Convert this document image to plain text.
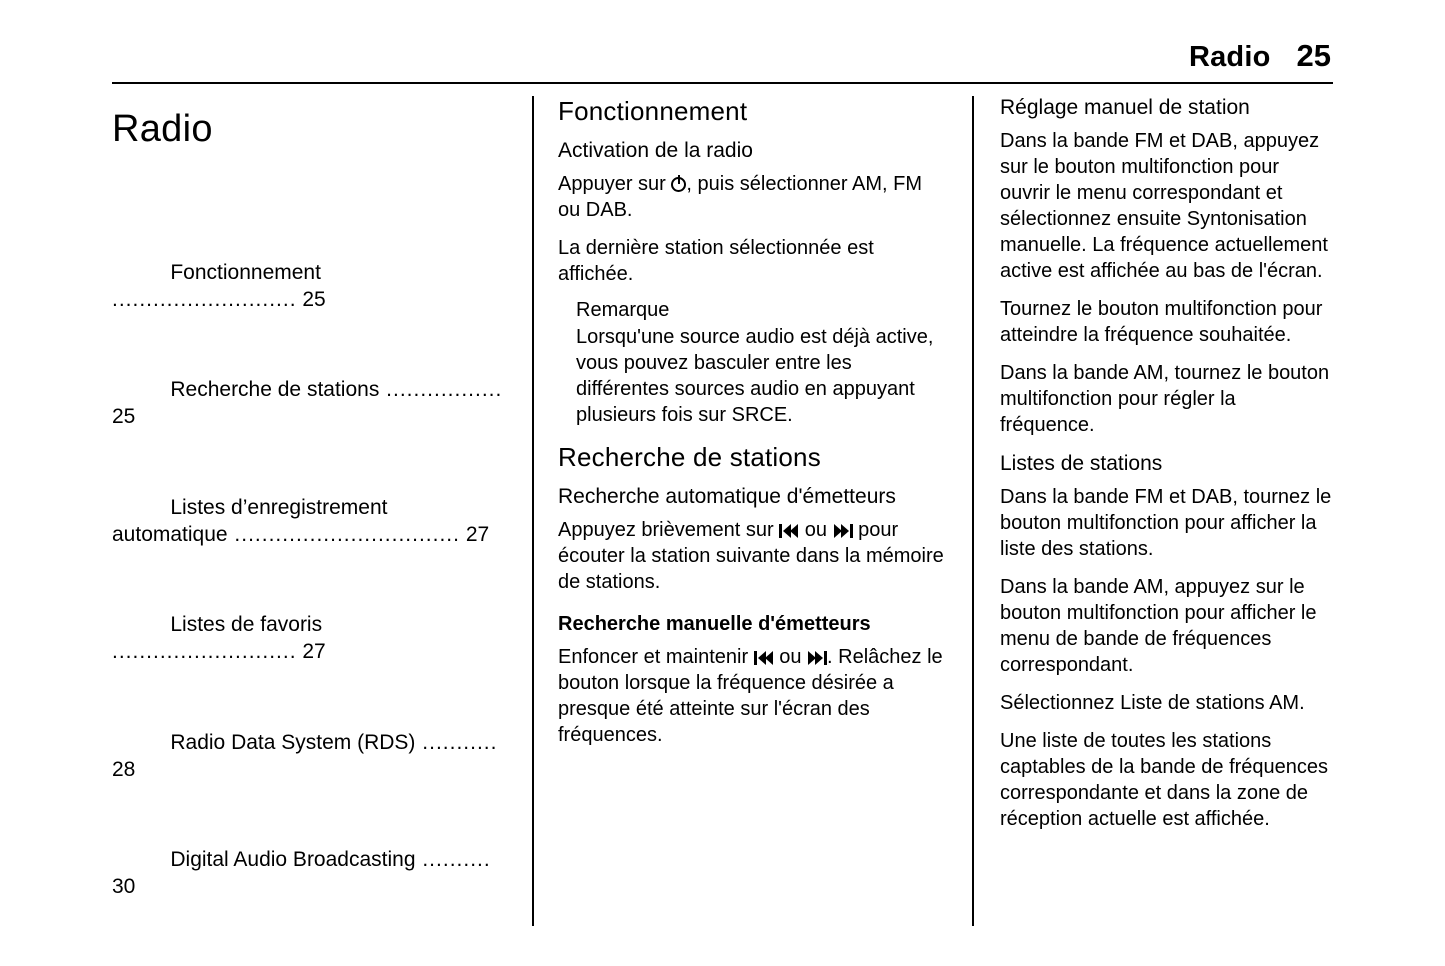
Radio 25
Radio

Fonctionnement ........................... 25

Recherche de stations ................. 25

Listes d’enregistrement automatique ................................. 27

Listes de favoris ........................... 27

Radio Data System (RDS) ........... 28

Digital Audio Broadcasting .......... 30

Fonctionnement
Activation de la radio

Appuyer sur , puis sélectionner AM, FM ou DAB.

La dernière station sélectionnée est affichée.

Remarque

Lorsqu'une source audio est déjà active, vous pouvez basculer entre les différentes sources audio en appuyant plusieurs fois sur SRCE.

Recherche de stations
Recherche automatique d'émetteurs

Appuyez brièvement sur
ou
pour écouter la station suivante dans la mémoire de stations.

Recherche manuelle d'émetteurs

Enfoncer et maintenir
ou
. Relâchez le bouton lorsque la fréquence désirée a presque été atteinte sur l'écran des fréquences.

Réglage manuel de station

Dans la bande FM et DAB, appuyez sur le bouton multifonction pour ouvrir le menu correspondant et sélectionnez ensuite Syntonisation manuelle. La fréquence actuellement active est affichée au bas de l'écran.

Tournez le bouton multifonction pour atteindre la fréquence souhaitée.

Dans la bande AM, tournez le bouton multifonction pour régler la fréquence.

Listes de stations

Dans la bande FM et DAB, tournez le bouton multifonction pour afficher la liste des stations.

Dans la bande AM, appuyez sur le bouton multifonction pour afficher le menu de bande de fréquences correspondant.

Sélectionnez Liste de stations AM.

Une liste de toutes les stations captables de la bande de fréquences correspondante et dans la zone de réception actuelle est affichée.
